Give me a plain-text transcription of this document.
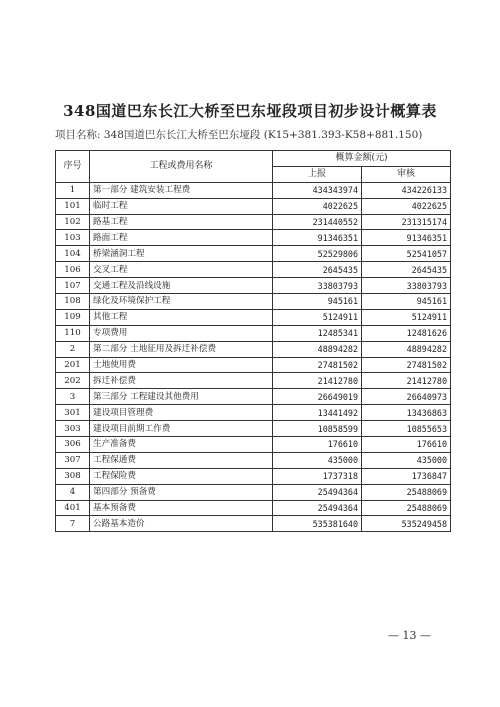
348国道巴东长江大桥至巴东垭段项目初步设计概算表
项目名称: 348国道巴东长江大桥至巴东垭段 (K15+381.393-K58+881.150)
序号	工程或费用名称	概算金额(元)	
		上报	审核
1	第一部分 建筑安装工程费	434343974	434226133
101	临时工程	4022625	4022625
102	路基工程	231440552	231315174
103	路面工程	91346351	91346351
104	桥梁涵洞工程	52529806	52541057
106	交叉工程	2645435	2645435
107	交通工程及沿线设施	33803793	33803793
108	绿化及环境保护工程	945161	945161
109	其他工程	5124911	5124911
110	专项费用	12485341	12481626
2	第二部分 土地征用及拆迁补偿费	48894282	48894282
201	土地使用费	27481502	27481502
202	拆迁补偿费	21412780	21412780
3	第三部分 工程建设其他费用	26649019	26640973
301	建设项目管理费	13441492	13436863
303	建设项目前期工作费	10858599	10855653
306	生产准备费	176610	176610
307	工程保通费	435000	435000
308	工程保险费	1737318	1736847
4	第四部分 预备费	25494364	25488069
401	基本预备费	25494364	25488069
7	公路基本造价	535381640	535249458
— 13 —
